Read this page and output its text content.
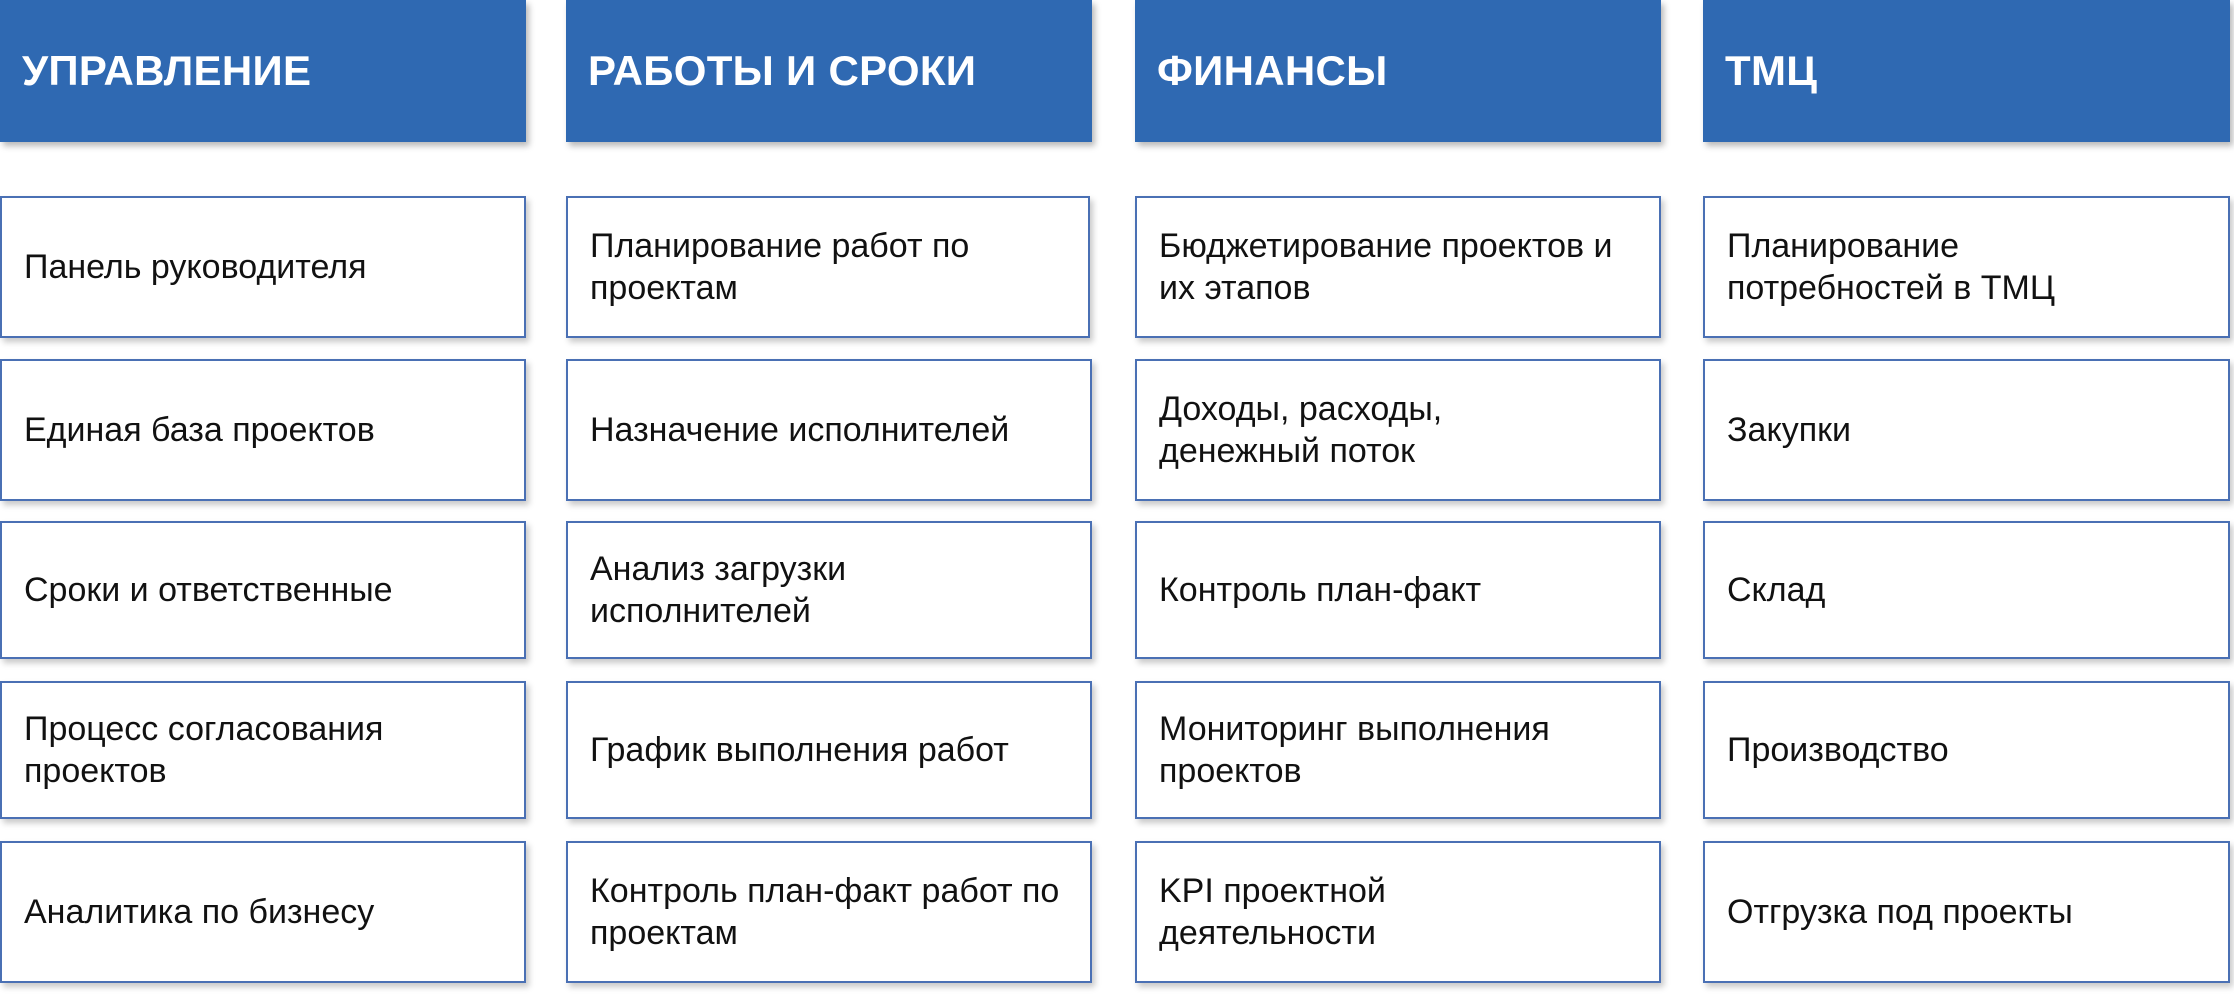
УПРАВЛЕНИЕ
Панель руководителя
Единая база проектов
Сроки и ответственные
Процесс согласования проектов
Аналитика по бизнесу
РАБОТЫ И СРОКИ
Планирование работ по проектам
Назначение исполнителей
Анализ загрузки исполнителей
График выполнения работ
Контроль план-факт работ по проектам
ФИНАНСЫ
Бюджетирование проектов и их этапов
Доходы, расходы, денежный поток
Контроль план-факт
Мониторинг выполнения проектов
KPI проектной деятельности
ТМЦ
Планирование потребностей в ТМЦ
Закупки
Склад
Производство
Отгрузка под проекты
